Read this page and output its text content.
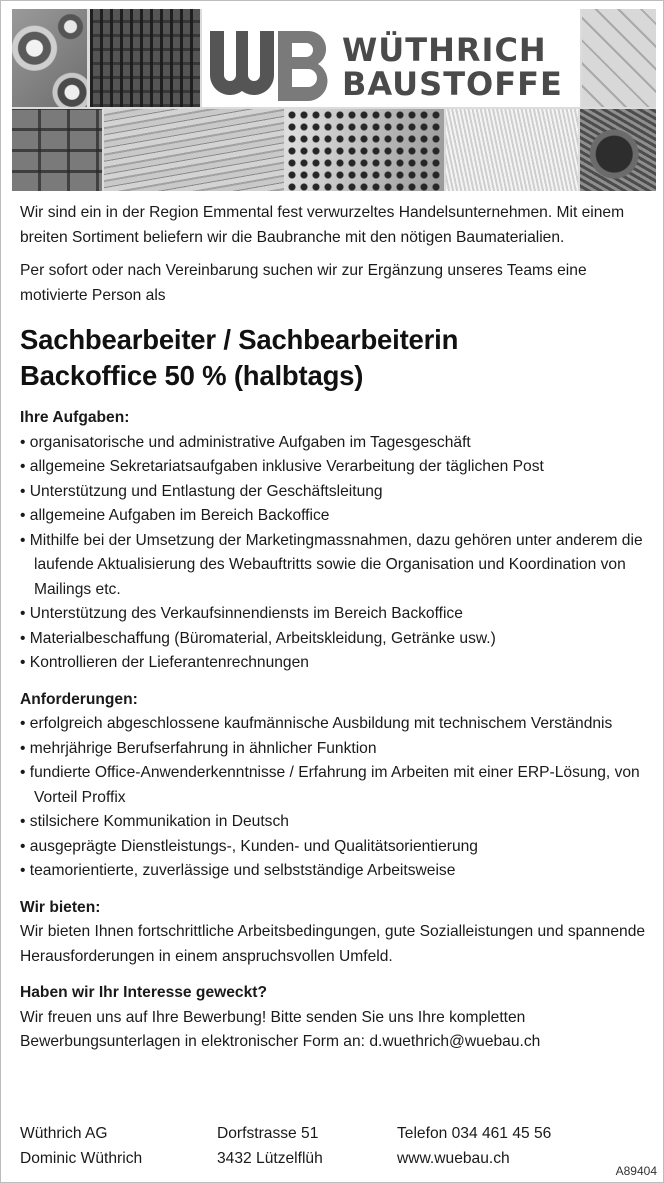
WÜTHRICH
BAUSTOFFE

Wir sind ein in der Region Emmental fest verwurzeltes Handelsunternehmen. Mit einem breiten Sortiment beliefern wir die Baubranche mit den nötigen Baumaterialien.

Per sofort oder nach Vereinbarung suchen wir zur Ergänzung unseres Teams eine motivierte Person als

Sachbearbeiter / Sachbearbeiterin
Backoffice 50 % (halbtags)
Ihre Aufgaben:
• organisatorische und administrative Aufgaben im Tagesgeschäft
• allgemeine Sekretariatsaufgaben inklusive Verarbeitung der täglichen Post
• Unterstützung und Entlastung der Geschäftsleitung
• allgemeine Aufgaben im Bereich Backoffice
• Mithilfe bei der Umsetzung der Marketingmassnahmen, dazu gehören unter anderem die laufende Aktualisierung des Webauftritts sowie die Organisation und Koordination von Mailings etc.
• Unterstützung des Verkaufsinnendiensts im Bereich Backoffice
• Materialbeschaffung (Büromaterial, Arbeitskleidung, Getränke usw.)
• Kontrollieren der Lieferantenrechnungen
Anforderungen:
• erfolgreich abgeschlossene kaufmännische Ausbildung mit technischem Verständnis
• mehrjährige Berufserfahrung in ähnlicher Funktion
• fundierte Office-Anwenderkenntnisse / Erfahrung im Arbeiten mit einer ERP-Lösung, von Vorteil Proffix
• stilsichere Kommunikation in Deutsch
• ausgeprägte Dienstleistungs-, Kunden- und Qualitätsorientierung
• teamorientierte, zuverlässige und selbstständige Arbeitsweise
Wir bieten:

Wir bieten Ihnen fortschrittliche Arbeitsbedingungen, gute Sozialleistungen und spannende Herausforderungen in einem anspruchsvollen Umfeld.

Haben wir Ihr Interesse geweckt?

Wir freuen uns auf Ihre Bewerbung! Bitte senden Sie uns Ihre kompletten Bewerbungsunterlagen in elektronischer Form an: d.wuethrich@wuebau.ch

Wüthrich AG
Dominic Wüthrich
Dorfstrasse 51
3432 Lützelflüh
Telefon 034 461 45 56
www.wuebau.ch
A89404
